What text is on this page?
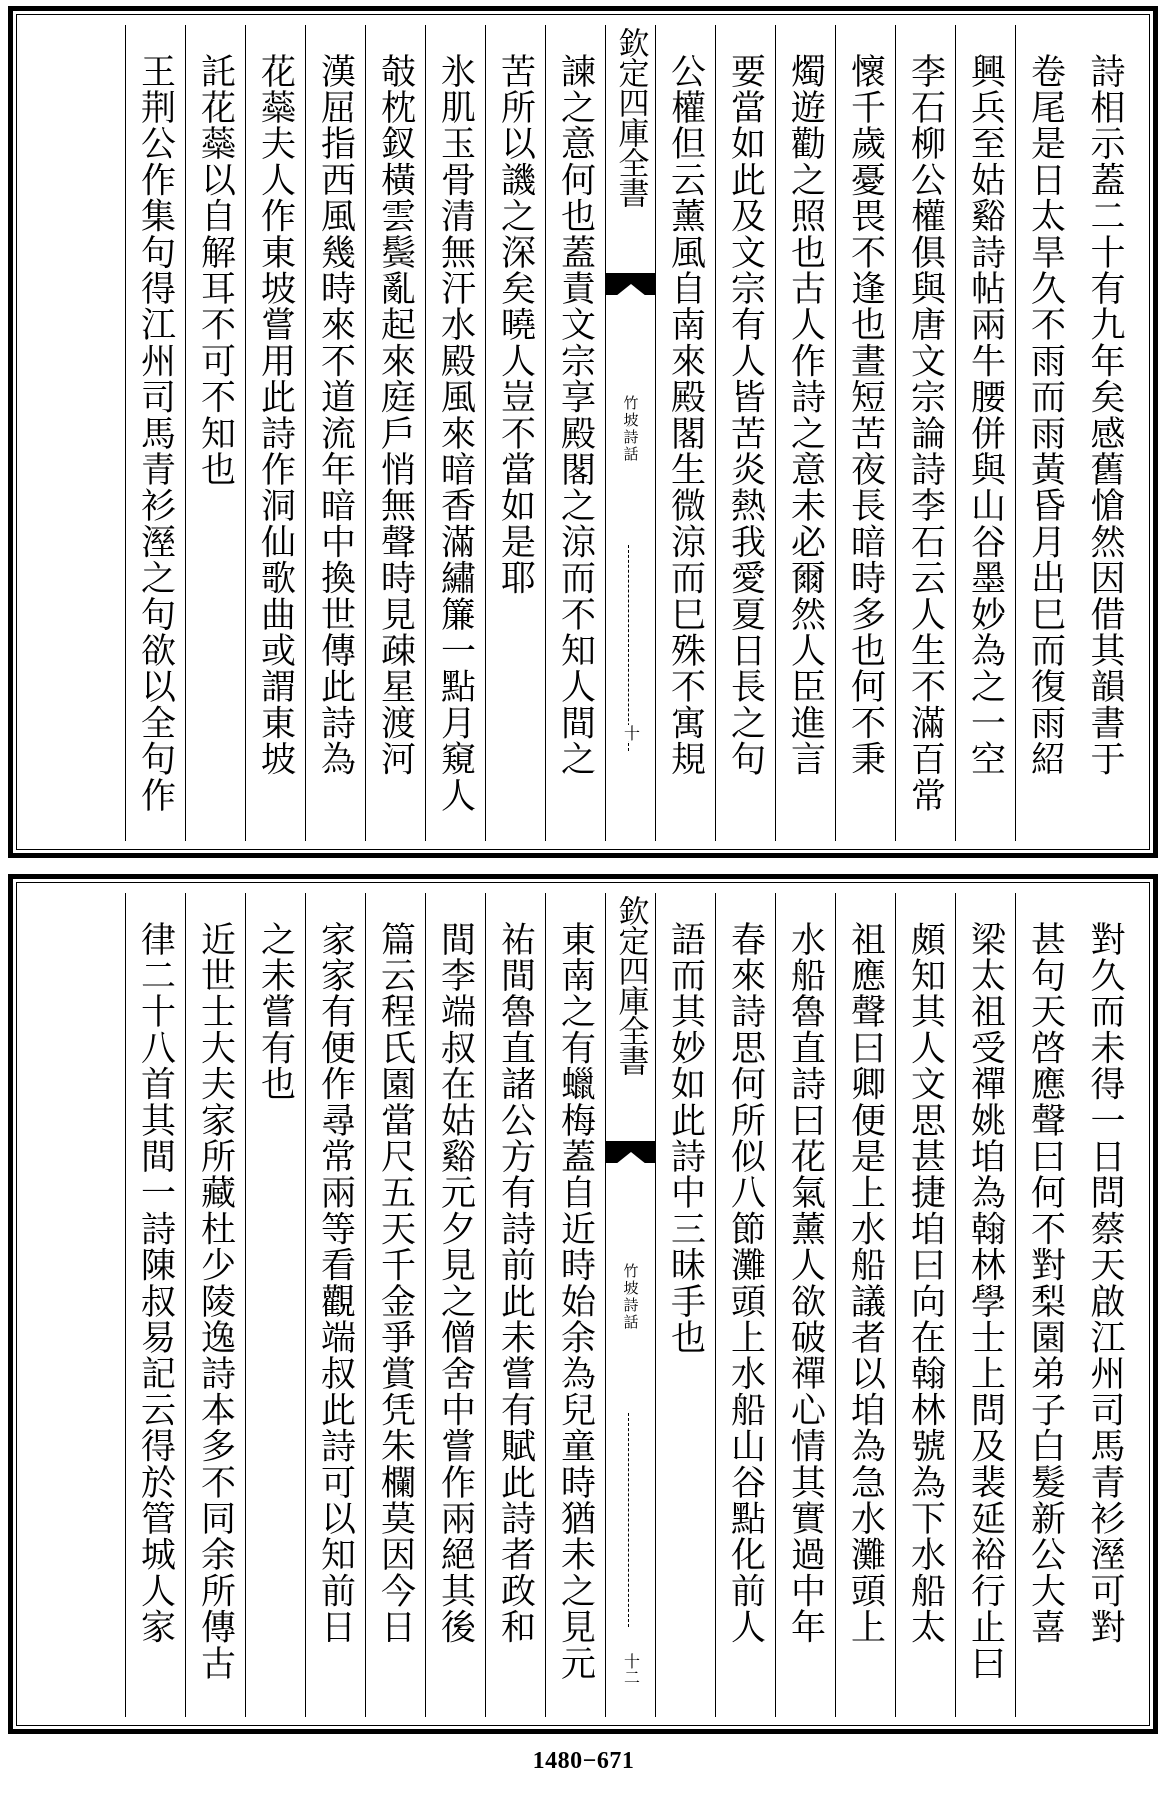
詩相示蓋二十有九年矣感舊愴然因借其韻書于
卷尾是日太旱久不雨而雨黃昏月出巳而復雨紹
興兵至姑谿詩帖兩牛腰併與山谷墨妙為之一空
李石柳公權俱與唐文宗論詩李石云人生不滿百常
懷千歲憂畏不逢也晝短苦夜長暗時多也何不秉
燭遊勸之照也古人作詩之意未必爾然人臣進言
要當如此及文宗有人皆苦炎熱我愛夏日長之句
公權但云薰風自南來殿閣生微涼而巳殊不寓規
欽定四庫全書
竹坡詩話
十
諫之意何也蓋責文宗享殿閣之涼而不知人間之
苦所以譏之深矣曉人豈不當如是耶
氷肌玉骨清無汗水殿風來暗香滿繡簾一點月窺人
攲枕釵橫雲鬓亂起來庭戶悄無聲時見疎星渡河
漢屈指西風幾時來不道流年暗中換世傳此詩為
花蘂夫人作東坡嘗用此詩作洞仙歌曲或謂東坡
託花蘂以自解耳不可不知也
王荆公作集句得江州司馬青衫溼之句欲以全句作
對久而未得一日問蔡天啟江州司馬青衫溼可對
甚句天啓應聲曰何不對梨園弟子白髮新公大喜
梁太祖受禪姚垍為翰林學士上問及裴延裕行止曰
頗知其人文思甚捷垍曰向在翰林號為下水船太
祖應聲曰卿便是上水船議者以垍為急水灘頭上
水船魯直詩曰花氣薰人欲破禪心情其實過中年
春來詩思何所似八節灘頭上水船山谷點化前人
語而其妙如此詩中三昧手也
欽定四庫全書
竹坡詩話
十二
東南之有蠟梅蓋自近時始余為兒童時猶未之見元
祐間魯直諸公方有詩前此未嘗有賦此詩者政和
間李端叔在姑谿元夕見之僧舍中嘗作兩絕其後
篇云程氏園當尺五天千金爭賞凭朱欄莫因今日
家家有便作尋常兩等看觀端叔此詩可以知前日
之未嘗有也
近世士大夫家所藏杜少陵逸詩本多不同余所傳古
律二十八首其間一詩陳叔易記云得於管城人家
1480−671
